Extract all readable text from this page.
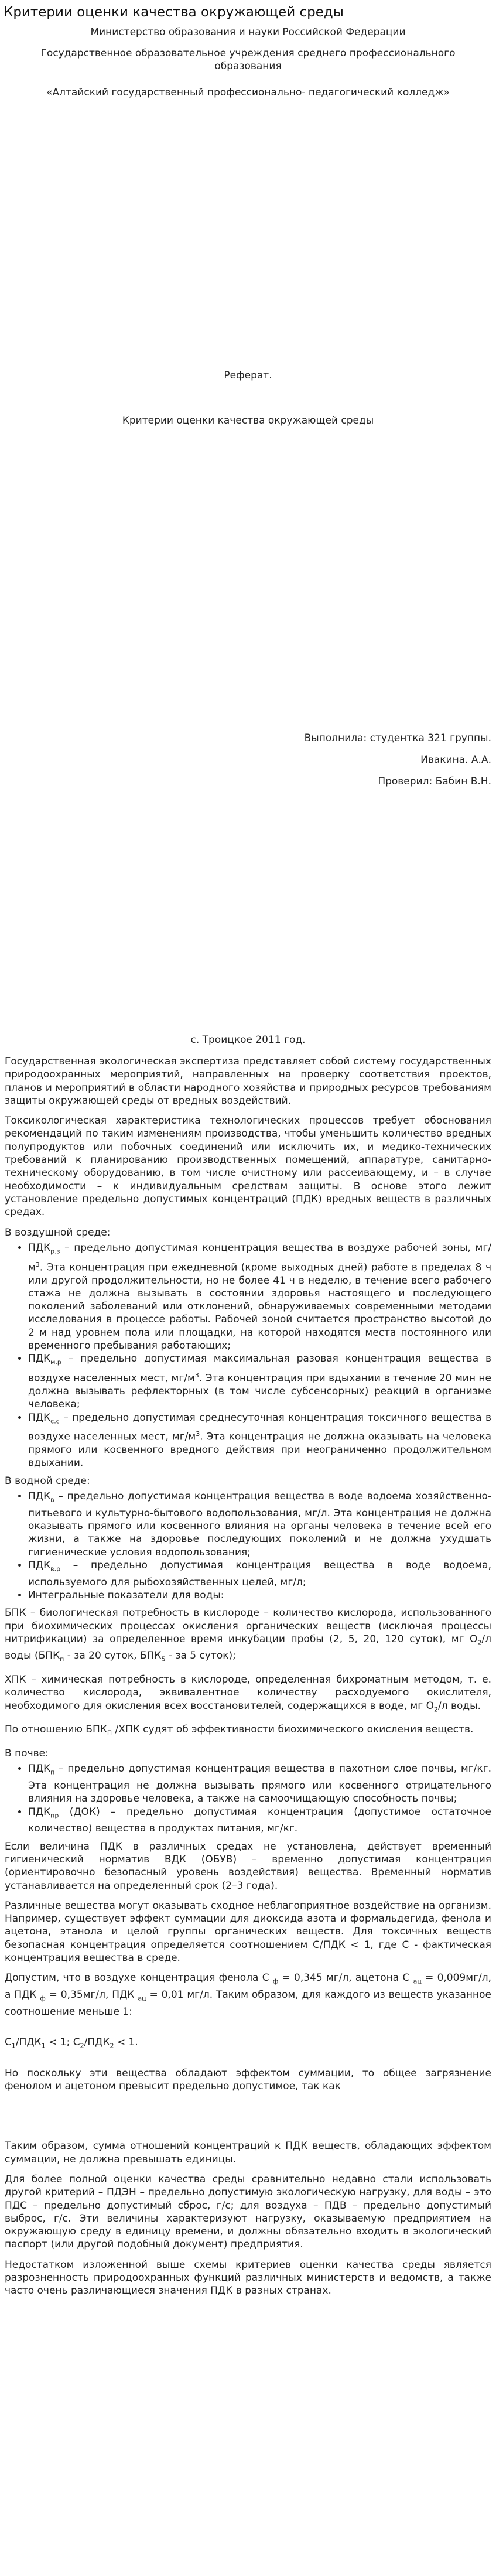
Критерии оценки качества окружающей среды
Министерство образования и науки Российской Федерации
Государственное образовательное учреждения среднего профессионального образования
«Алтайский государственный профессионально- педагогический колледж»
Реферат.
Критерии оценки качества окружающей среды
Выполнила: студентка 321 группы.
Ивакина. А.А.
Проверил: Бабин В.Н.
с. Троицкое 2011 год.

Государственная экологическая экспертиза представляет собой систему государственных природоохранных мероприятий, направленных на проверку соответствия проектов, планов и мероприятий в области народного хозяйства и природных ресурсов требованиям защиты окружающей среды от вредных воздействий.

Токсикологическая характеристика технологических процессов требует обоснования рекомендаций по таким изменениям производства, чтобы уменьшить количество вредных полупродуктов или побочных соединений или исключить их, и медико-технических требований к планированию производственных помещений, аппаратуре, санитарно-техническому оборудованию, в том числе очистному или рассеивающему, и – в случае необходимости – к индивидуальным средствам защиты. В основе этого лежит установление предельно допустимых концентраций (ПДК) вредных веществ в различных средах.

В воздушной среде:

• $ПДК_{р.з}$ – предельно допустимая концентрация вещества в воздухе рабочей зоны, $мг/м^3$. Эта концентрация при ежедневной (кроме выходных дней) работе в пределах 8 ч или другой продолжительности, но не более 41 ч в неделю, в течение всего рабочего стажа не должна вызывать в состоянии здоровья настоящего и последующего поколений заболеваний или отклонений, обнаруживаемых современными методами исследования в процессе работы. Рабочей зоной считается пространство высотой до 2 м над уровнем пола или площадки, на которой находятся места постоянного или временного пребывания работающих;
• $ПДК_{м.р}$ – предельно допустимая максимальная разовая концентрация вещества в воздухе населенных мест, $мг/м^3$. Эта концентрация при вдыхании в течение 20 мин не должна вызывать рефлекторных (в том числе субсенсорных) реакций в организме человека;
• $ПДК_{с.с}$ – предельно допустимая среднесуточная концентрация токсичного вещества в воздухе населенных мест, $мг/м^3$. Эта концентрация не должна оказывать на человека прямого или косвенного вредного действия при неограниченно продолжительном вдыхании.

В водной среде:

• $ПДК_в$ – предельно допустимая концентрация вещества в воде водоема хозяйственно-питьевого и культурно-бытового водопользования, мг/л. Эта концентрация не должна оказывать прямого или косвенного влияния на органы человека в течение всей его жизни, а также на здоровье последующих поколений и не должна ухудшать гигиенические условия водопользования;
• $ПДК_{в.р}$ – предельно допустимая концентрация вещества в воде водоема, используемого для рыбохозяйственных целей, мг/л;
• Интегральные показатели для воды:

БПК – биологическая потребность в кислороде – количество кислорода, использованного при биохимических процессах окисления органических веществ (исключая процессы нитрификации) за определенное время инкубации пробы (2, 5, 20, 120 суток), мг $O_2/л$ воды ($БПК_п$ - за 20 суток, $БПК_5$ - за 5 суток);

ХПК – химическая потребность в кислороде, определенная бихроматным методом, т. е. количество кислорода, эквивалентное количеству расходуемого окислителя, необходимого для окисления всех восстановителей, содержащихся в воде, мг $O_2/л$ воды.

По отношению $БПК_П$ /ХПК судят об эффективности биохимического окисления веществ.

В почве:

• $ПДК_п$ – предельно допустимая концентрация вещества в пахотном слое почвы, мг/кг. Эта концентрация не должна вызывать прямого или косвенного отрицательного влияния на здоровье человека, а также на самоочищающую способность почвы;
• $ПДК_{пр}$ (ДОК) – предельно допустимая концентрация (допустимое остаточное количество) вещества в продуктах питания, мг/кг.

Если величина ПДК в различных средах не установлена, действует временный гигиенический норматив ВДК (ОБУВ) – временно допустимая концентрация (ориентировочно безопасный уровень воздействия) вещества. Временный норматив устанавливается на определенный срок (2–3 года).

Различные вещества могут оказывать сходное неблагоприятное воздействие на организм. Например, существует эффект суммации для диоксида азота и формальдегида, фенола и ацетона, этанола и целой группы органических веществ. Для токсичных веществ безопасная концентрация определяется соотношением С/ПДК < 1, где С - фактическая концентрация вещества в среде.

Допустим, что в воздухе концентрация фенола С $_ф$ = 0,345 мг/л, ацетона С $_{ац}$ = 0,009мг/л, а ПДК $_ф$ = 0,35мг/л, ПДК $_{ац}$ = 0,01 мг/л. Таким образом, для каждого из веществ указанное соотношение меньше 1:

$С_1/ПДК_1 < 1$; $С_2/ПДК_2 < 1$.

Но поскольку эти вещества обладают эффектом суммации, то общее загрязнение фенолом и ацетоном превысит предельно допустимое, так как

Таким образом, сумма отношений концентраций к ПДК веществ, обладающих эффектом суммации, не должна превышать единицы.

Для более полной оценки качества среды сравнительно недавно стали использовать другой критерий – ПДЭН – предельно допустимую экологическую нагрузку, для воды – это ПДС – предельно допустимый сброс, г/с; для воздуха – ПДВ – предельно допустимый выброс, г/с. Эти величины характеризуют нагрузку, оказываемую предприятием на окружающую среду в единицу времени, и должны обязательно входить в экологический паспорт (или другой подобный документ) предприятия.

Недостатком изложенной выше схемы критериев оценки качества среды является разрозненность природоохранных функций различных министерств и ведомств, а также часто очень различающиеся значения ПДК в разных странах.
